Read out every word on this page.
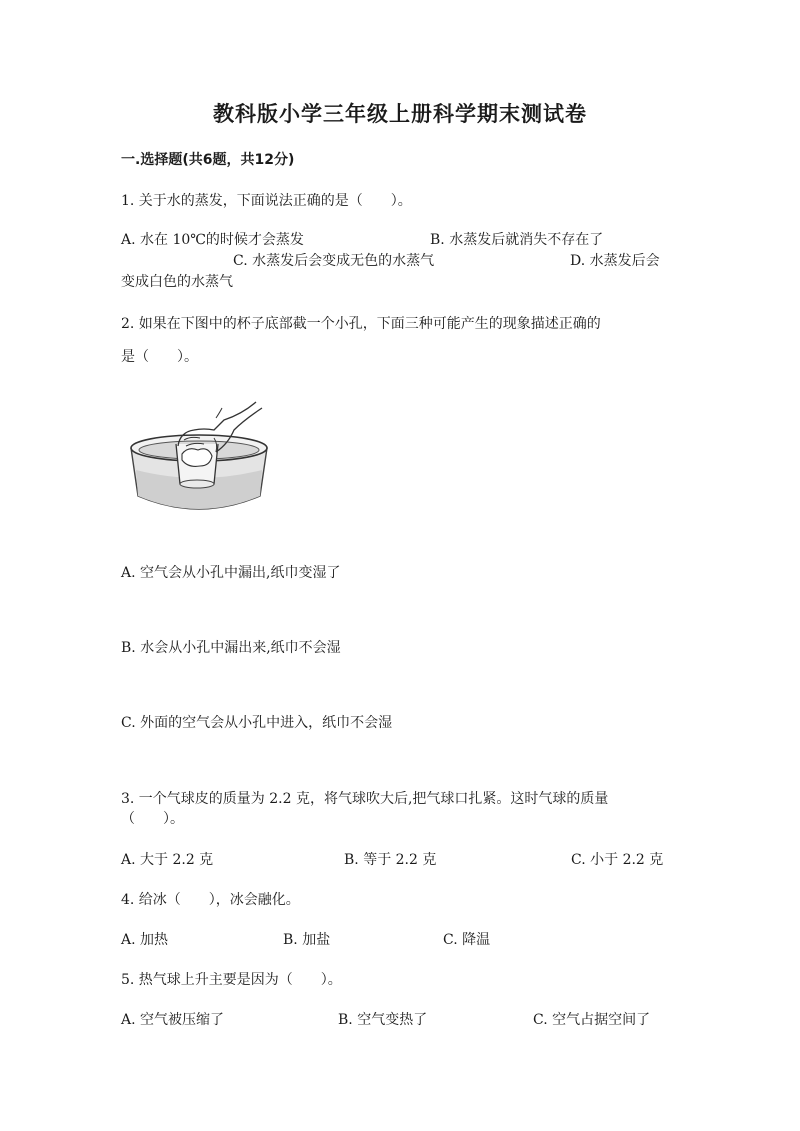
教科版小学三年级上册科学期末测试卷
一.选择题(共6题，共12分)
1. 关于水的蒸发，下面说法正确的是（　　）。
A. 水在 10℃的时候才会蒸发	B. 水蒸发后就消失不存在了
C. 水蒸发后会变成无色的水蒸气	D. 水蒸发后会
变成白色的水蒸气
2. 如果在下图中的杯子底部截一个小孔，下面三种可能产生的现象描述正确的
是（　　）。
A. 空气会从小孔中漏出,纸巾变湿了
B. 水会从小孔中漏出来,纸巾不会湿
C. 外面的空气会从小孔中进入，纸巾不会湿
3. 一个气球皮的质量为 2.2 克，将气球吹大后,把气球口扎紧。这时气球的质量
（　　）。
A. 大于 2.2 克	B. 等于 2.2 克	C. 小于 2.2 克
4. 给冰（　　），冰会融化。
A. 加热	B. 加盐	C. 降温
5. 热气球上升主要是因为（　　）。
A. 空气被压缩了	B. 空气变热了	C. 空气占据空间了
